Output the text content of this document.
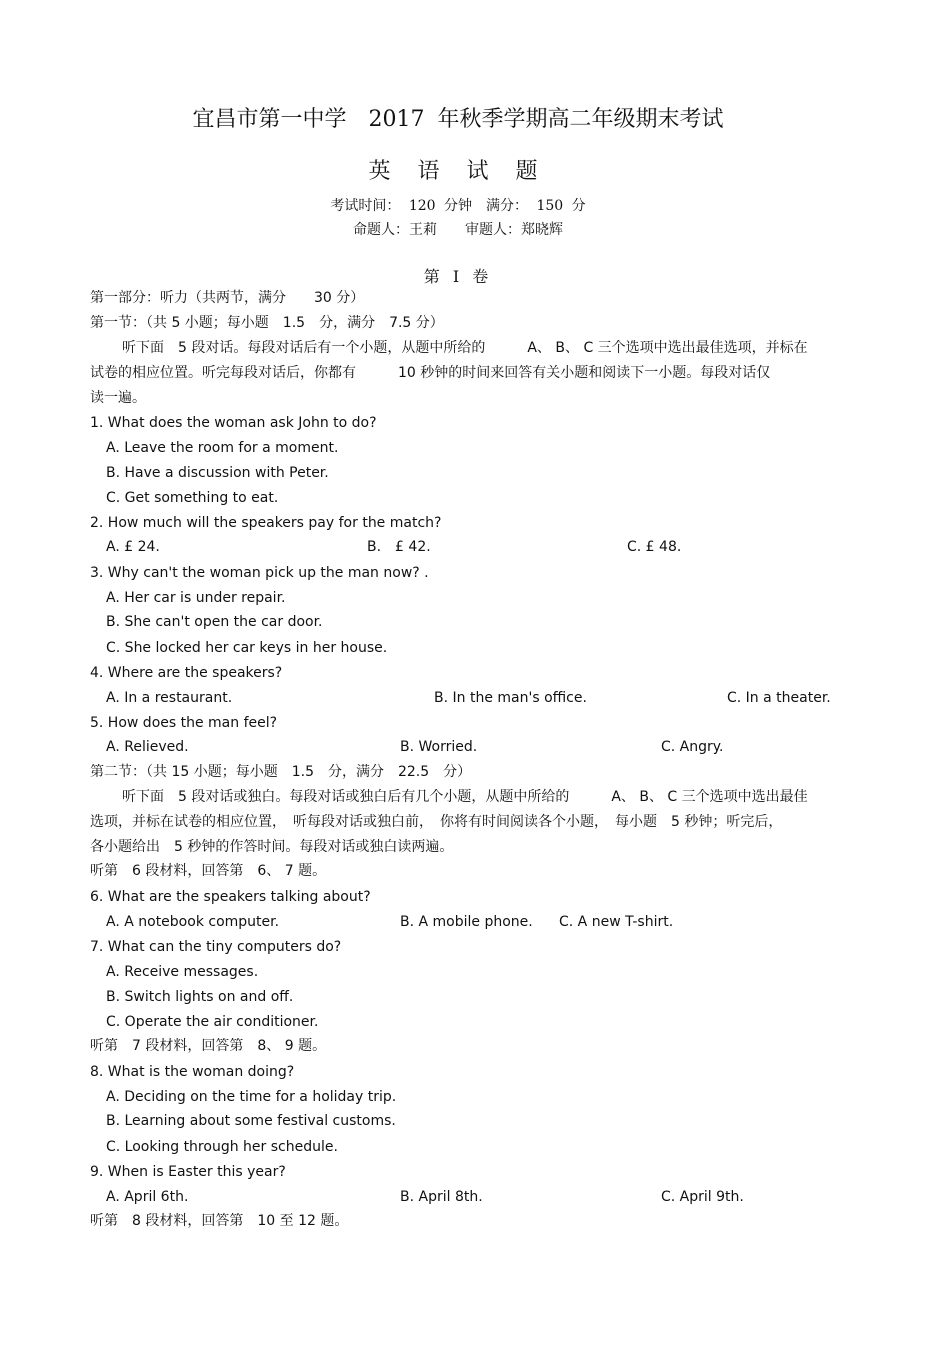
宜昌市第一中学　2017 年秋季学期高二年级期末考试
英 语 试 题
考试时间： 120 分钟　满分： 150 分
命题人：王莉　　审题人：郑晓辉
第 Ⅰ 卷
第一部分：听力（共两节，满分　　30 分）
第一节：（共 5 小题；每小题　1.5　分，满分　7.5 分）
听下面　5 段对话。每段对话后有一个小题，从题中所给的　　　A、 B、 C 三个选项中选出最佳选项，并标在
试卷的相应位置。听完每段对话后，你都有　　　10 秒钟的时间来回答有关小题和阅读下一小题。每段对话仅
读一遍。
1. What does the woman ask John to do?
A. Leave the room for a moment.
B. Have a discussion with Peter.
C. Get something to eat.
2. How much will the speakers pay for the match?
A. £ 24.	B.　£ 42.	C. £ 48.
3. Why can't the woman pick up the man now? .
A. Her car is under repair.
B. She can't open the car door.
C. She locked her car keys in her house.
4. Where are the speakers?
A. In a restaurant.	B. In the man's office.	C. In a theater.
5. How does the man feel?
A. Relieved.	B. Worried.	C. Angry.
第二节：（共 15 小题；每小题　1.5　分，满分　22.5　分）
听下面　5 段对话或独白。每段对话或独白后有几个小题，从题中所给的　　　A、 B、 C 三个选项中选出最佳
选项，并标在试卷的相应位置，　听每段对话或独白前，　你将有时间阅读各个小题，　每小题　5 秒钟；听完后，
各小题给出　5 秒钟的作答时间。每段对话或独白读两遍。
听第　6 段材料，回答第　6、 7 题。
6. What are the speakers talking about?
A. A notebook computer.	B. A mobile phone. C. A new T-shirt.
7. What can the tiny computers do?
A. Receive messages.
B. Switch lights on and off.
C. Operate the air conditioner.
听第　7 段材料，回答第　8、 9 题。
8. What is the woman doing?
A. Deciding on the time for a holiday trip.
B. Learning about some festival customs.
C. Looking through her schedule.
9. When is Easter this year?
A. April 6th.	B. April 8th.	C. April 9th.
听第　8 段材料，回答第　10 至 12 题。
